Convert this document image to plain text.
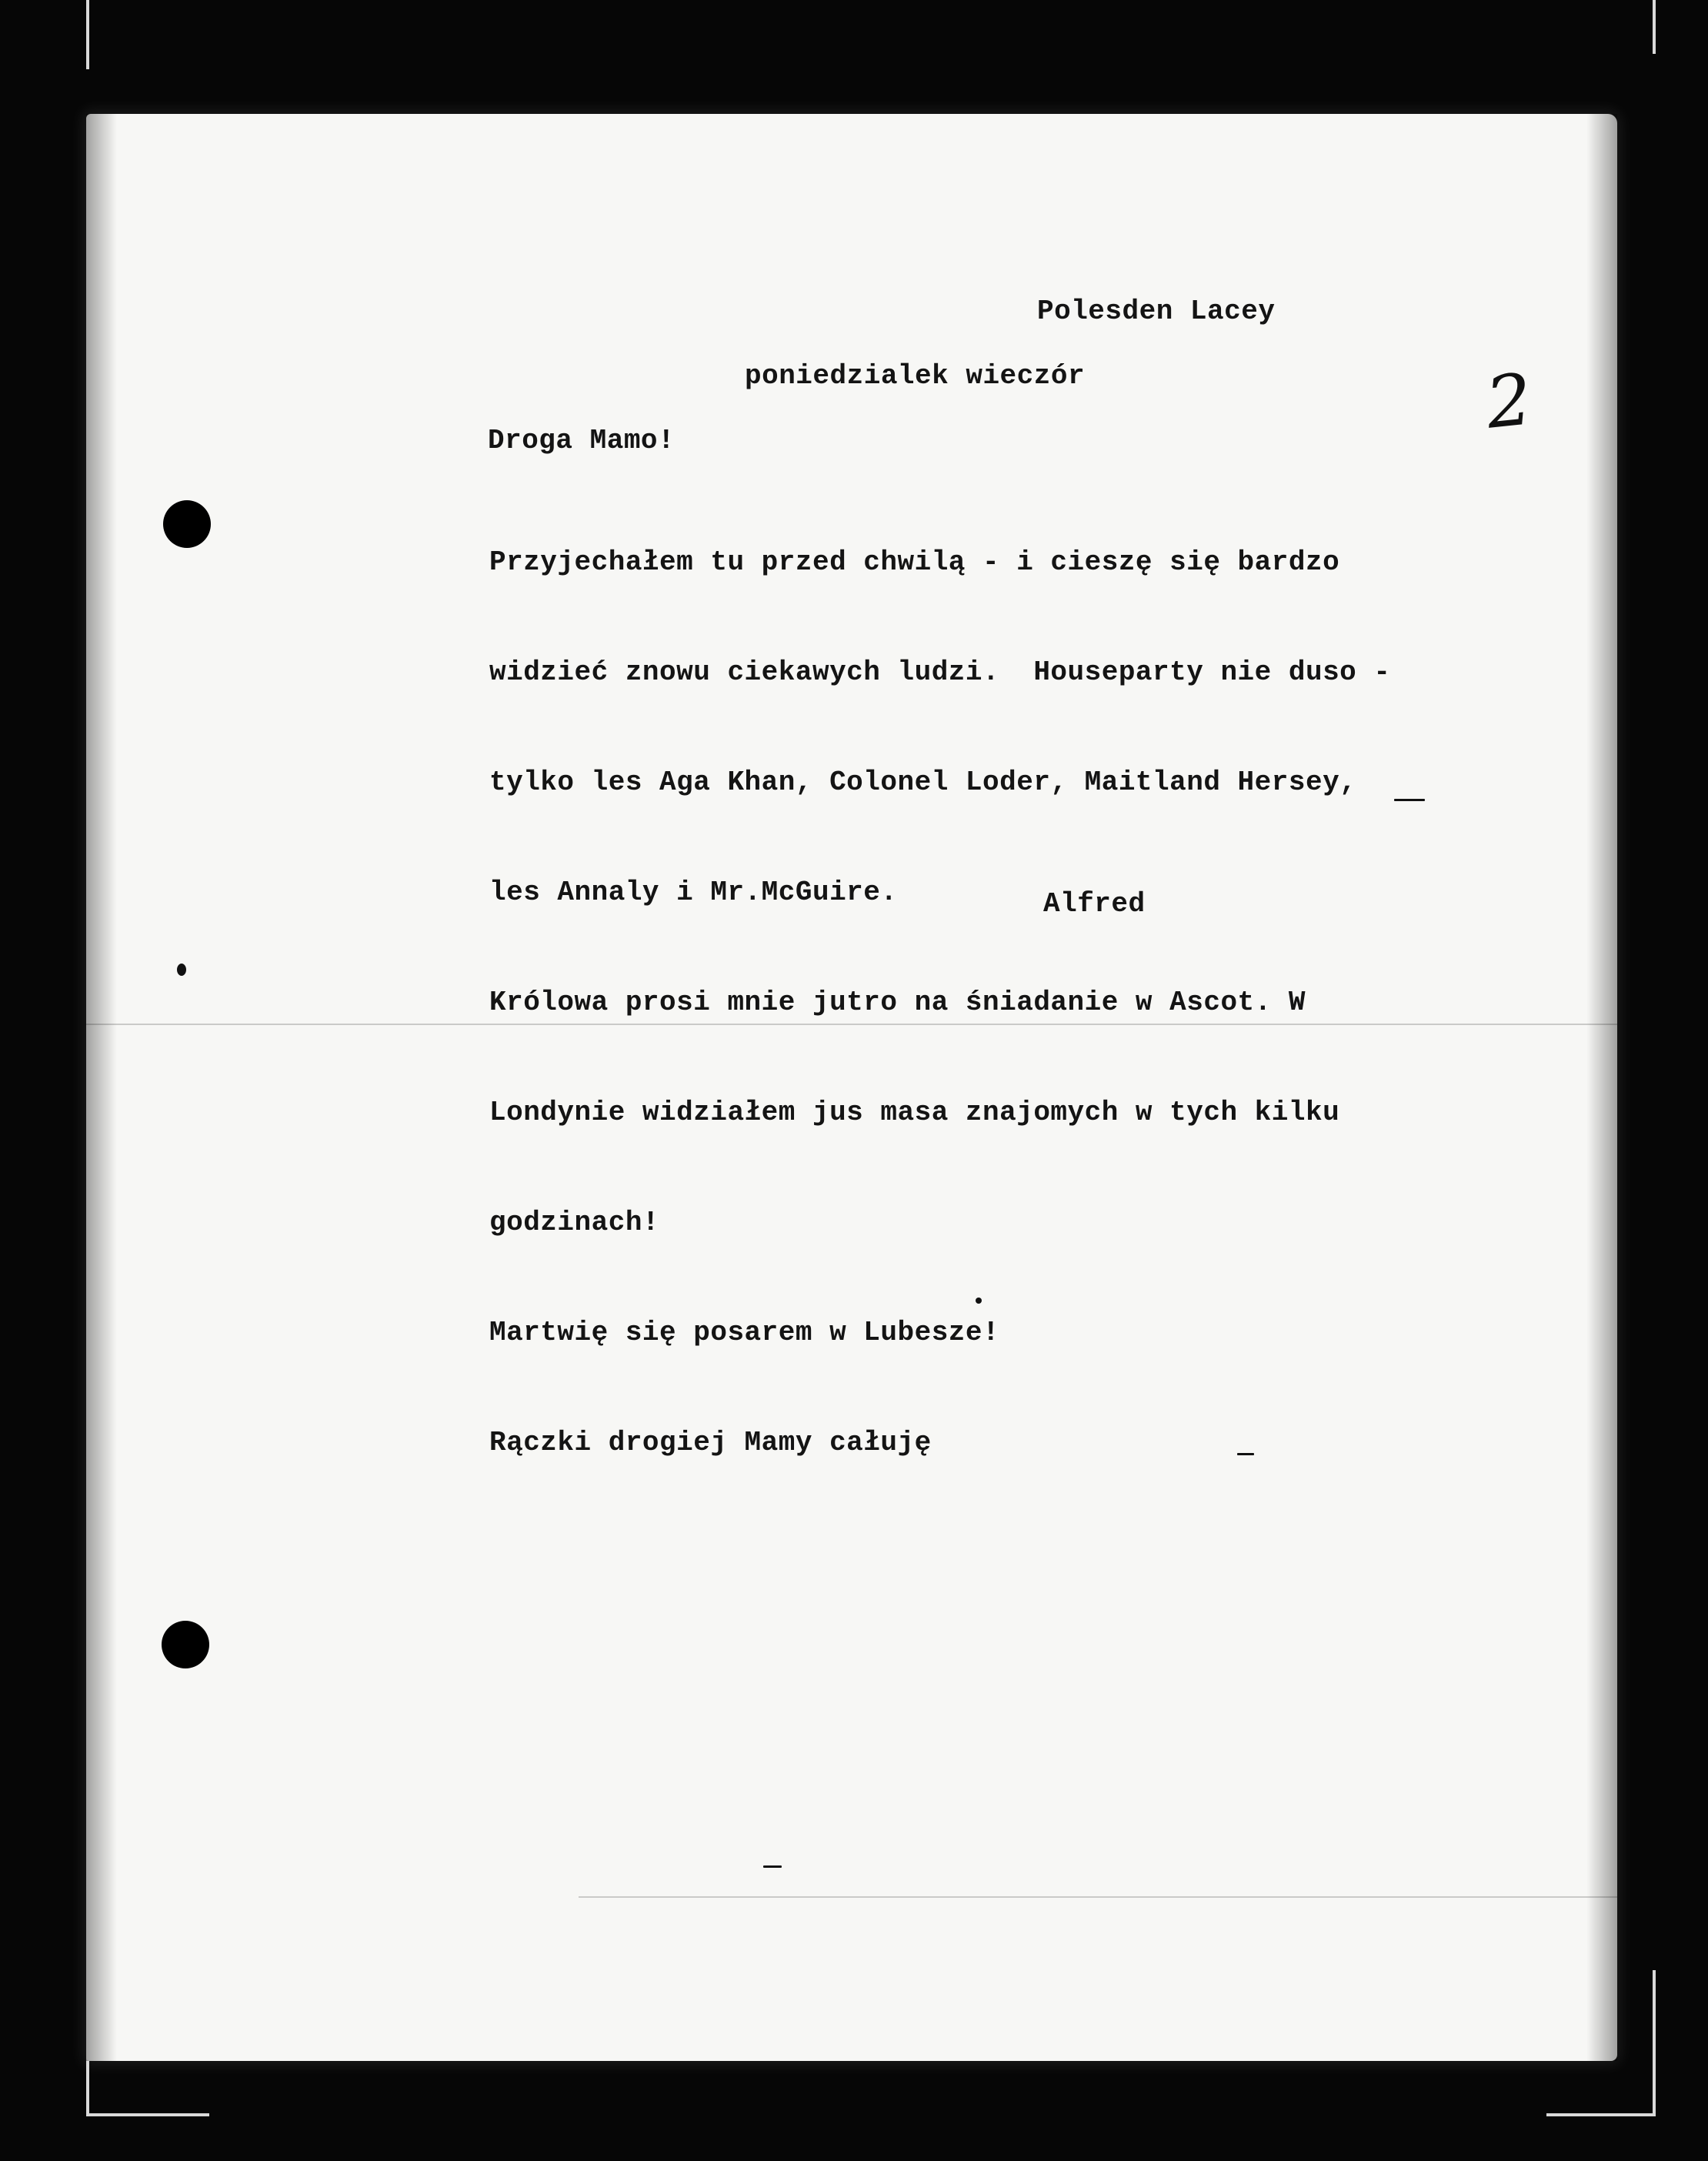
2
Polesden Lacey
poniedzialek wieczór
Droga Mamo!

Przyjechałem tu przed chwilą - i cieszę się bardzo

widzieć znowu ciekawych ludzi.  Houseparty nie duso -

tylko les Aga Khan, Colonel Loder, Maitland Hersey,

les Annaly i Mr.McGuire.

Królowa prosi mnie jutro na śniadanie w Ascot. W

Londynie widziałem jus masa znajomych w tych kilku

godzinach!

Martwię się posarem w Lubesze!

Rączki drogiej Mamy całuję

Alfred
